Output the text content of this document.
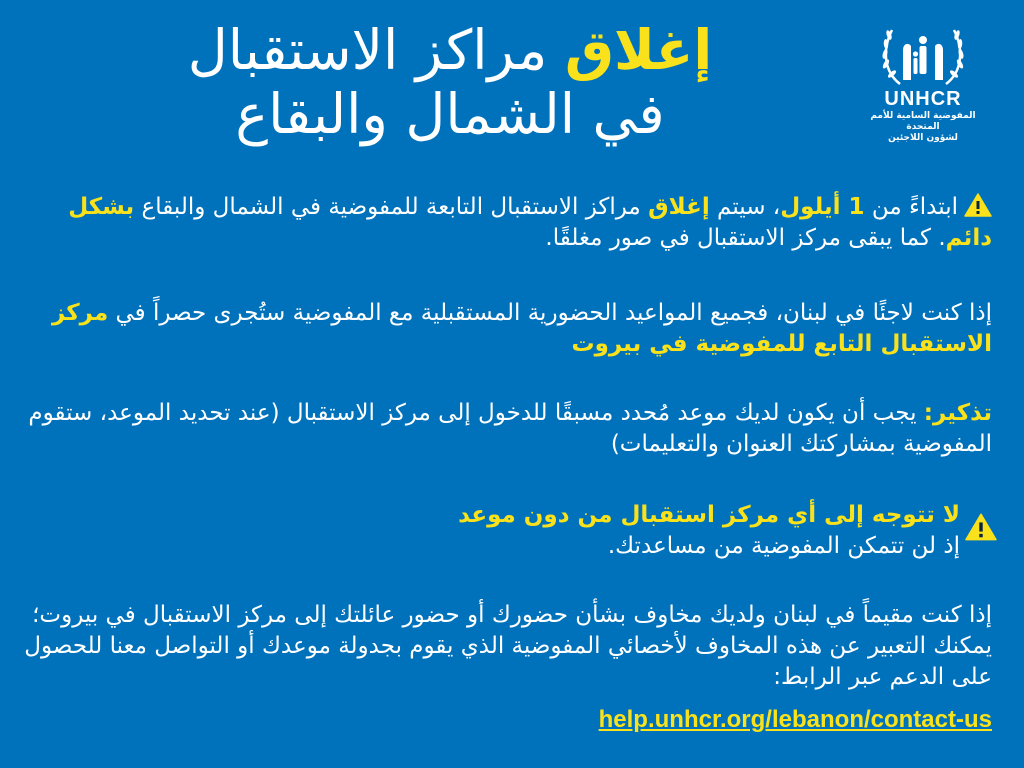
إغلاق مراكز الاستقبال
في الشمال والبقاع	UNHCR
المفوضية السامية للأمم المتحدة
لشؤون اللاجئين

ابتداءً من 1 أيلول، سيتم إغلاق مراكز الاستقبال التابعة للمفوضية في الشمال والبقاع بشكل دائم. كما يبقى مركز الاستقبال في صور مغلقًا.

إذا كنت لاجئًا في لبنان، فجميع المواعيد الحضورية المستقبلية مع المفوضية ستُجرى حصراً في مركز الاستقبال التابع للمفوضية في بيروت

تذكير: يجب أن يكون لديك موعد مُحدد مسبقًا للدخول إلى مركز الاستقبال (عند تحديد الموعد، ستقوم المفوضية بمشاركتك العنوان والتعليمات)

لا تتوجه إلى أي مركز استقبال من دون موعد
إذ لن تتمكن المفوضية من مساعدتك.

إذا كنت مقيماً في لبنان ولديك مخاوف بشأن حضورك أو حضور عائلتك إلى مركز الاستقبال في بيروت؛ يمكنك التعبير عن هذه المخاوف لأخصائي المفوضية الذي يقوم بجدولة موعدك أو التواصل معنا للحصول على الدعم عبر الرابط:

help.unhcr.org/lebanon/contact-us
